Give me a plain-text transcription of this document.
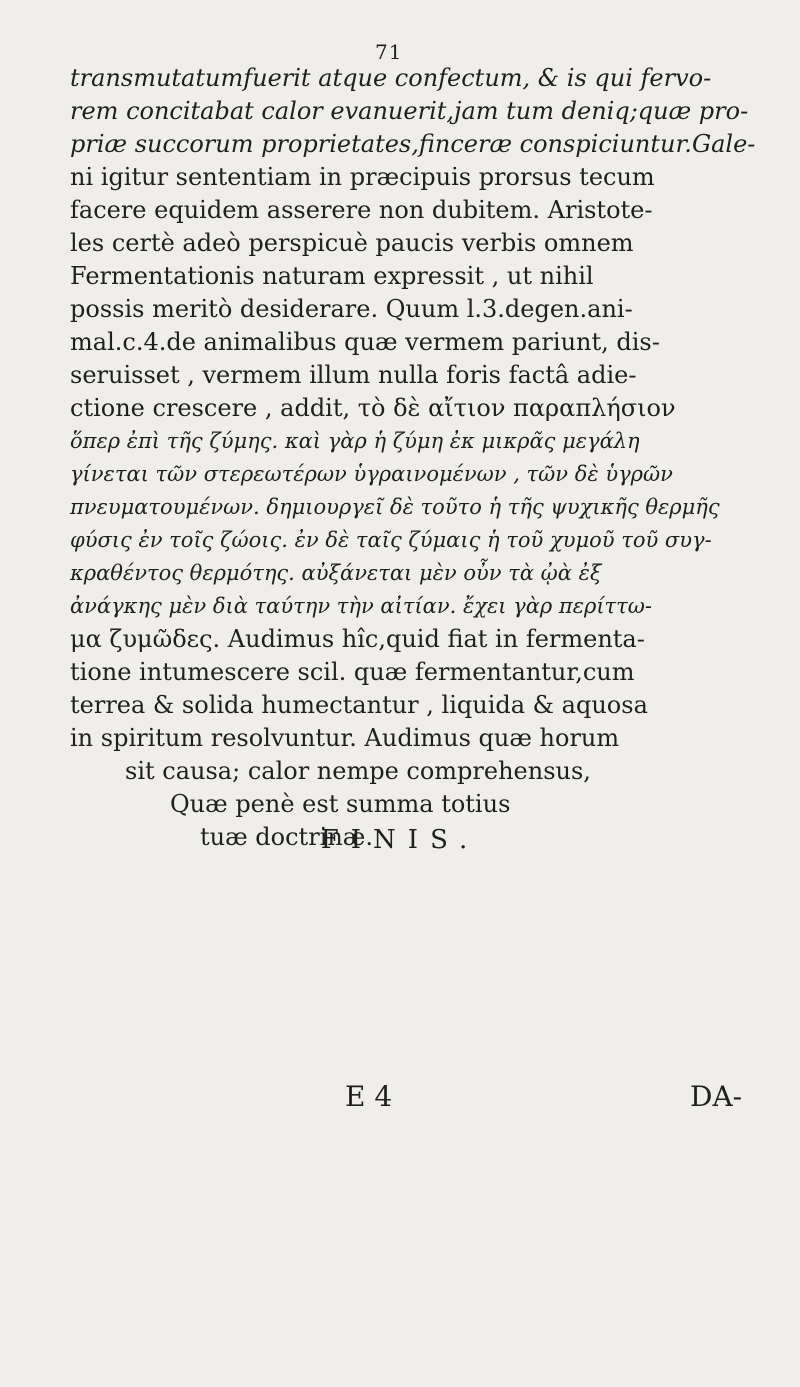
71
transmutatumfuerit atque confectum, & is qui fervo-
rem concitabat calor evanuerit,jam tum deniq;quæ pro-
priæ succorum proprietates,finceræ conspiciuntur.Gale-
ni igitur sententiam in præcipuis prorsus tecum
facere equidem asserere non dubitem. Aristote-
les certè adeò perspicuè paucis verbis omnem
Fermentationis naturam expressit , ut nihil
possis meritò desiderare. Quum l.3.degen.ani-
mal.c.4.de animalibus quæ vermem pariunt, dis-
seruisset , vermem illum nulla foris factâ adie-
ctione crescere , addit, τὸ δὲ αἴτιον παραπλήσιον
ὅπερ ἐπὶ τῆς ζύμης. καὶ γὰρ ἡ ζύμη ἐκ μικρᾶς μεγάλη
γίνεται τῶν στερεωτέρων ὑγραινομένων , τῶν δὲ ὑγρῶν
πνευματουμένων. δημιουργεῖ δὲ τοῦτο ἡ τῆς ψυχικῆς θερμῆς
φύσις ἐν τοῖς ζώοις. ἐν δὲ ταῖς ζύμαις ἡ τοῦ χυμοῦ τοῦ συγ-
κραθέντος θερμότης. αὐξάνεται μὲν οὖν τὰ ᾠὰ ἐξ
ἀνάγκης μὲν διὰ ταύτην τὴν αἰτίαν. ἔχει γὰρ περίττω-
μα ζυμῶδες. Audimus hîc,quid fiat in fermenta-
tione intumescere scil. quæ fermentantur,cum
terrea & solida humectantur , liquida & aquosa
in spiritum resolvuntur. Audimus quæ horum
sit causa; calor nempe comprehensus,
Quæ penè est summa totius
tuæ doctrinæ.
FINIS.
E 4	DA-
